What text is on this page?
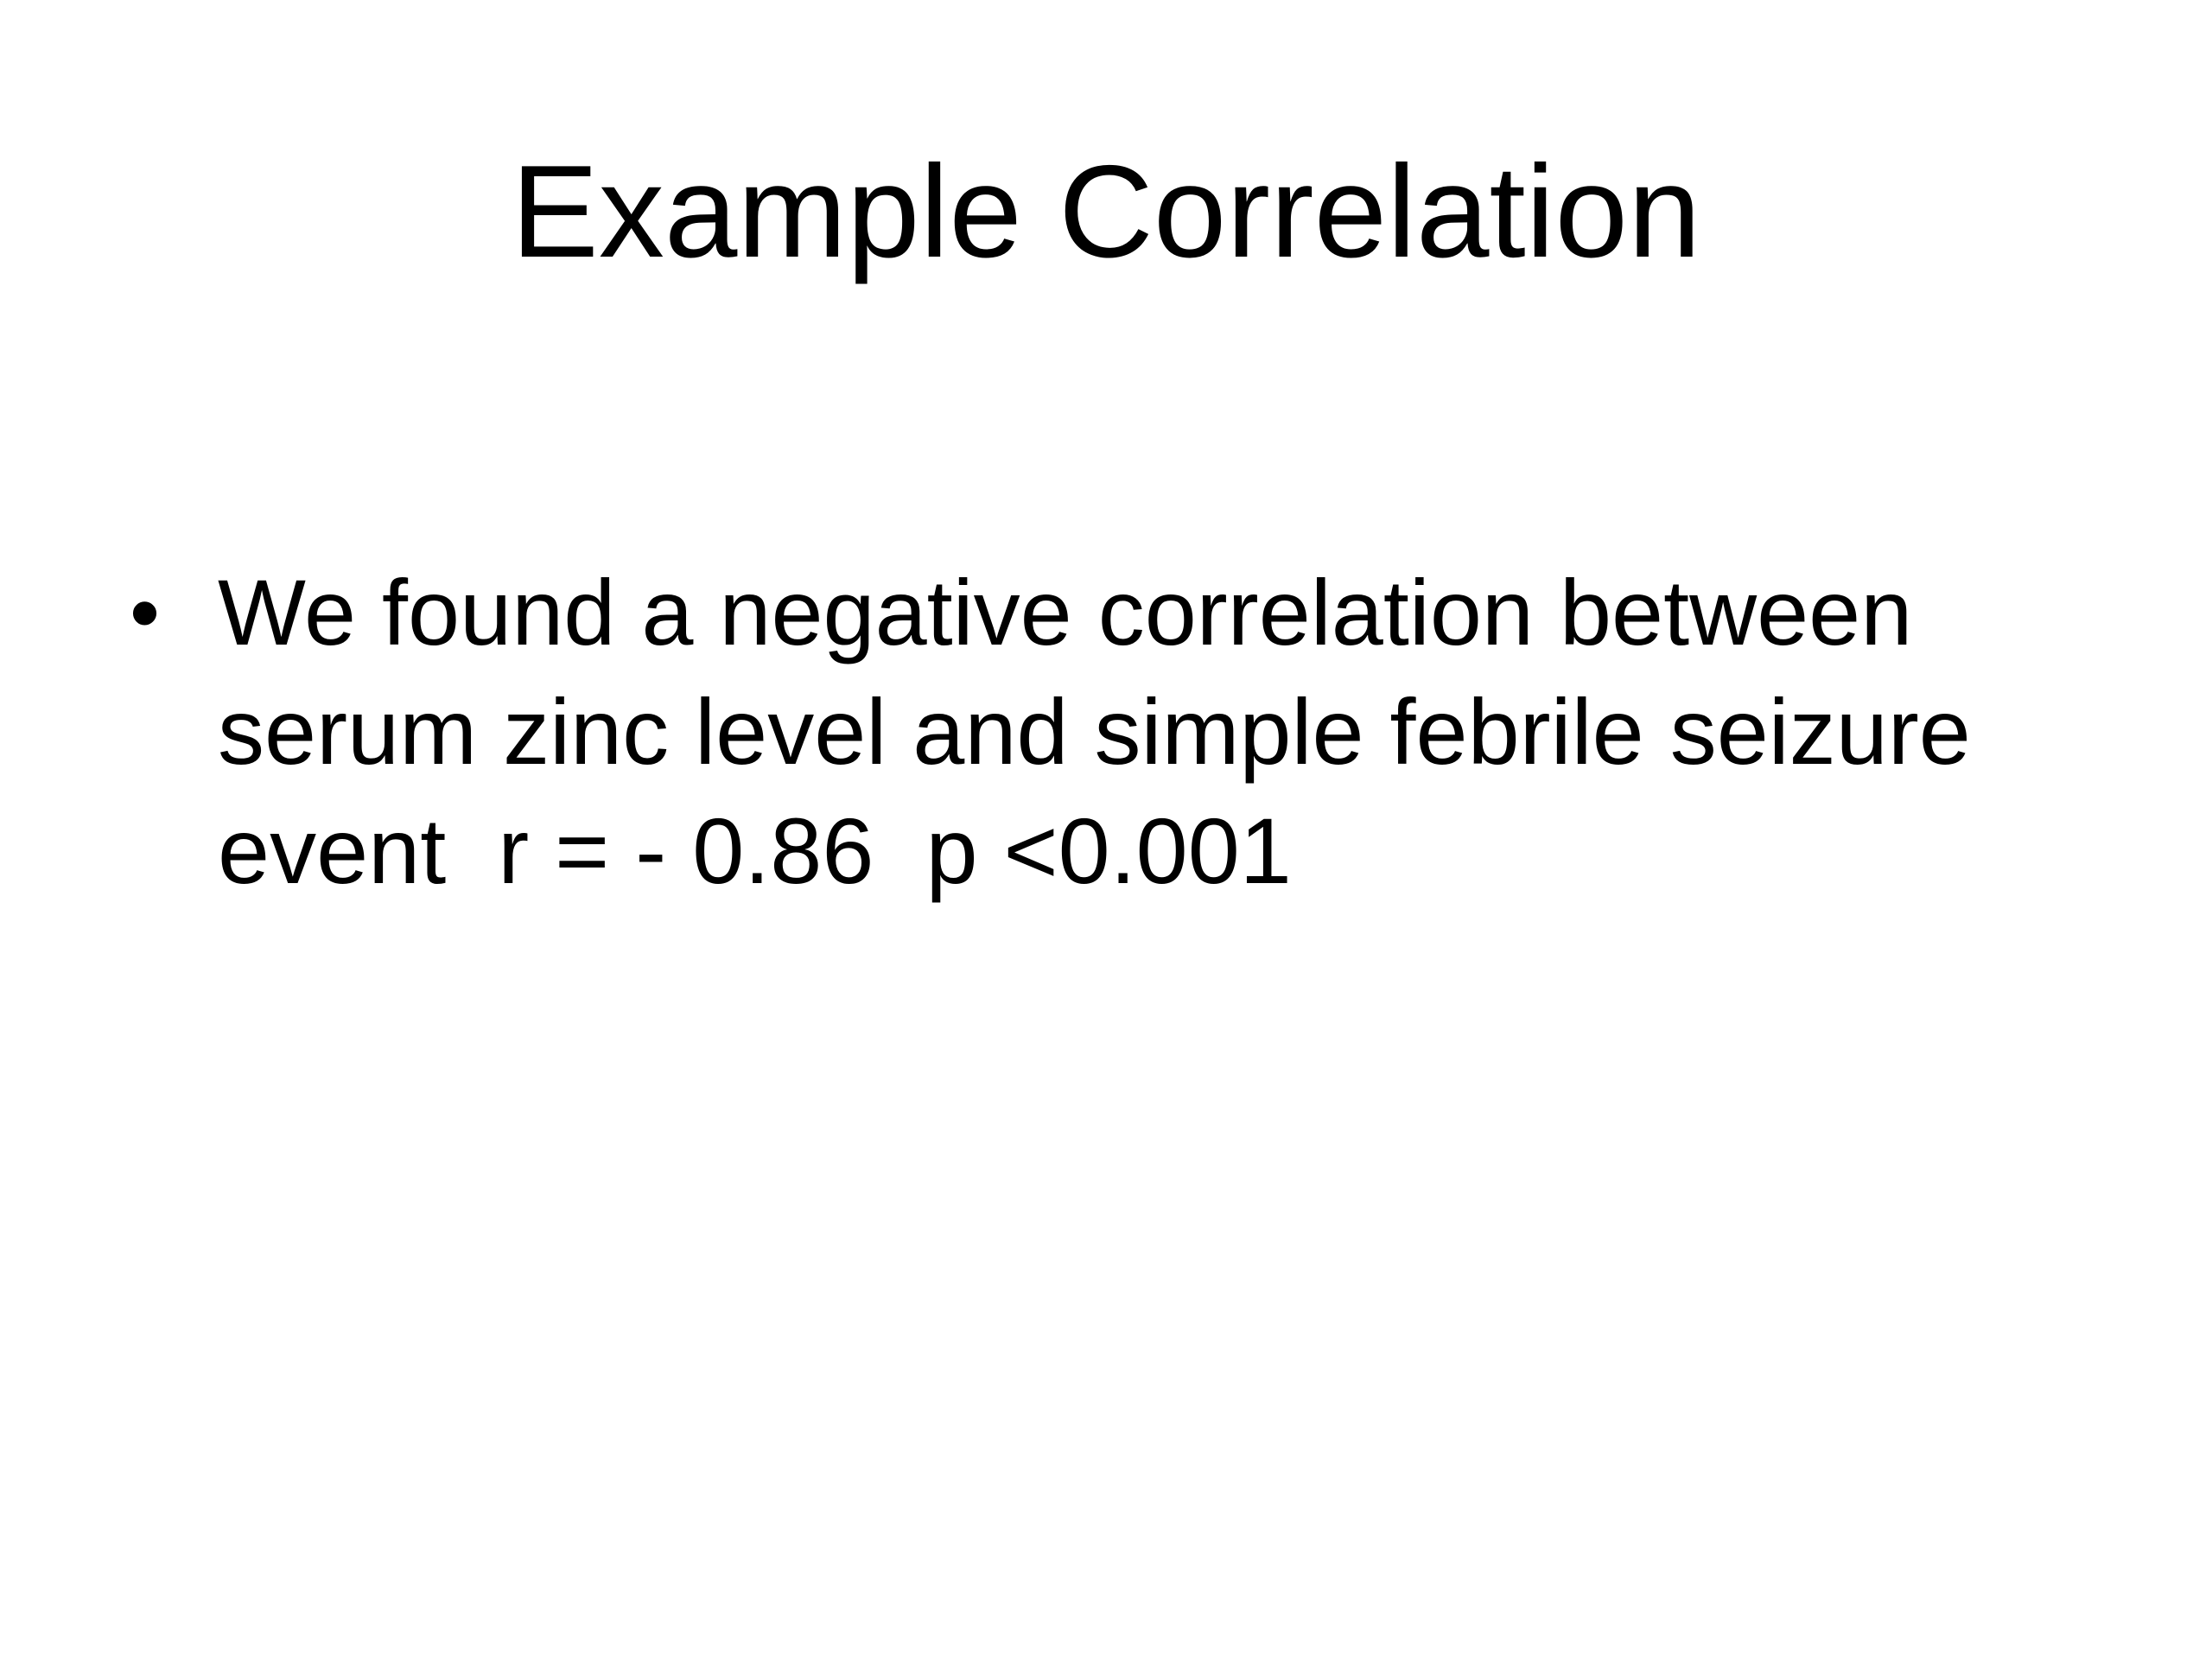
Example Correlation
• We found a negative correlation between
serum zinc level and simple febrile seizure
event  r = - 0.86  p <0.001
